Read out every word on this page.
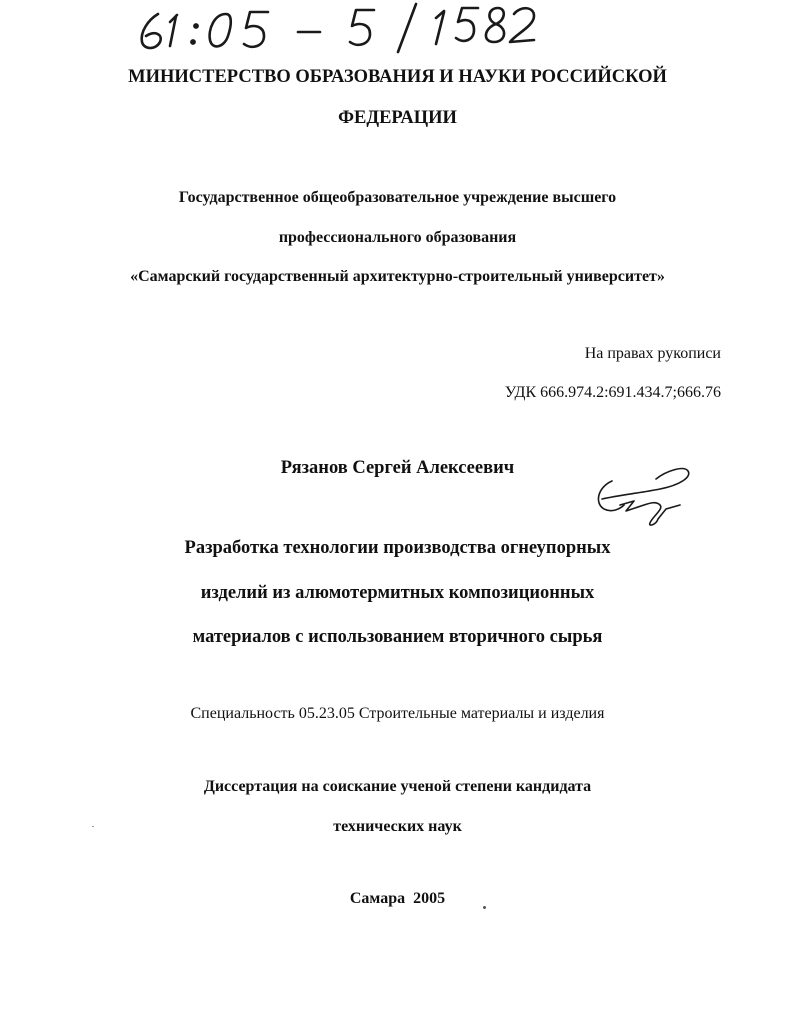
МИНИСТЕРСТВО ОБРАЗОВАНИЯ И НАУКИ РОССИЙСКОЙ
ФЕДЕРАЦИИ
Государственное общеобразовательное учреждение высшего
профессионального образования
«Самарский государственный архитектурно-строительный университет»
На правах рукописи
УДК 666.974.2:691.434.7;666.76
Рязанов Сергей Алексеевич
Разработка технологии производства огнеупорных
изделий из алюмотермитных композиционных
материалов с использованием вторичного сырья
Специальность 05.23.05 Строительные материалы и изделия
Диссертация на соискание ученой степени кандидата
технических наук
Самара  2005
